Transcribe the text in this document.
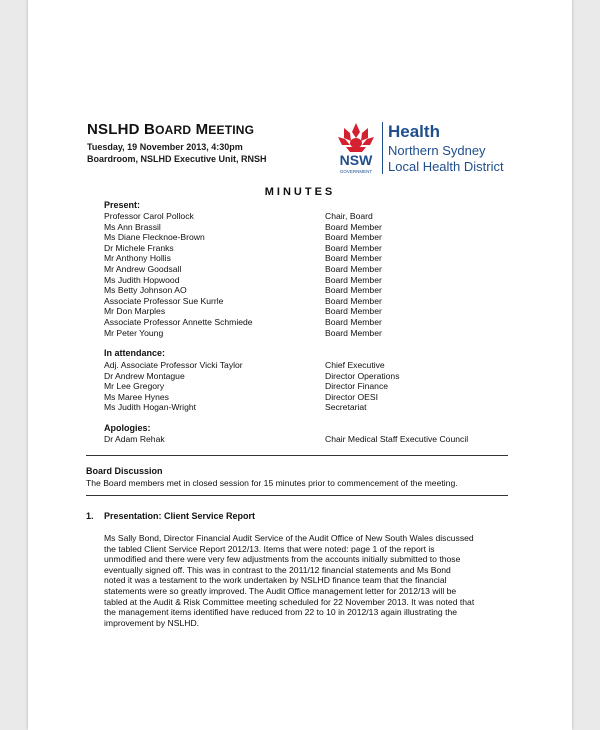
NSLHD BOARD MEETING
Tuesday, 19 November 2013, 4:30pm
Boardroom, NSLHD Executive Unit, RNSH	NSW
GOVERNMENT
Health
Northern Sydney
Local Health District
MINUTES
Present:
Professor Carol Pollock	Chair, Board
Ms Ann Brassil	Board Member
Ms Diane Flecknoe-Brown	Board Member
Dr Michele Franks	Board Member
Mr Anthony Hollis	Board Member
Mr Andrew Goodsall	Board Member
Ms Judith Hopwood	Board Member
Ms Betty Johnson AO	Board Member
Associate Professor Sue Kurrle	Board Member
Mr Don Marples	Board Member
Associate Professor Annette Schmiede	Board Member
Mr Peter Young	Board Member
In attendance:
Adj. Associate Professor Vicki Taylor	Chief Executive
Dr Andrew Montague	Director Operations
Mr Lee Gregory	Director Finance
Ms Maree Hynes	Director OESI
Ms Judith Hogan-Wright	Secretariat
Apologies:
Dr Adam Rehak	Chair Medical Staff Executive Council
Board Discussion
The Board members met in closed session for 15 minutes prior to commencement of the meeting.
1. Presentation: Client Service Report

Ms Sally Bond, Director Financial Audit Service of the Audit Office of New South Wales discussed

the tabled Client Service Report 2012/13. Items that were noted: page 1 of the report is

unmodified and there were very few adjustments from the accounts initially submitted to those

eventually signed off. This was in contrast to the 2011/12 financial statements and Ms Bond

noted it was a testament to the work undertaken by NSLHD finance team that the financial

statements were so greatly improved. The Audit Office management letter for 2012/13 will be

tabled at the Audit & Risk Committee meeting scheduled for 22 November 2013. It was noted that

the management items identified have reduced from 22 to 10 in 2012/13 again illustrating the

improvement by NSLHD.
